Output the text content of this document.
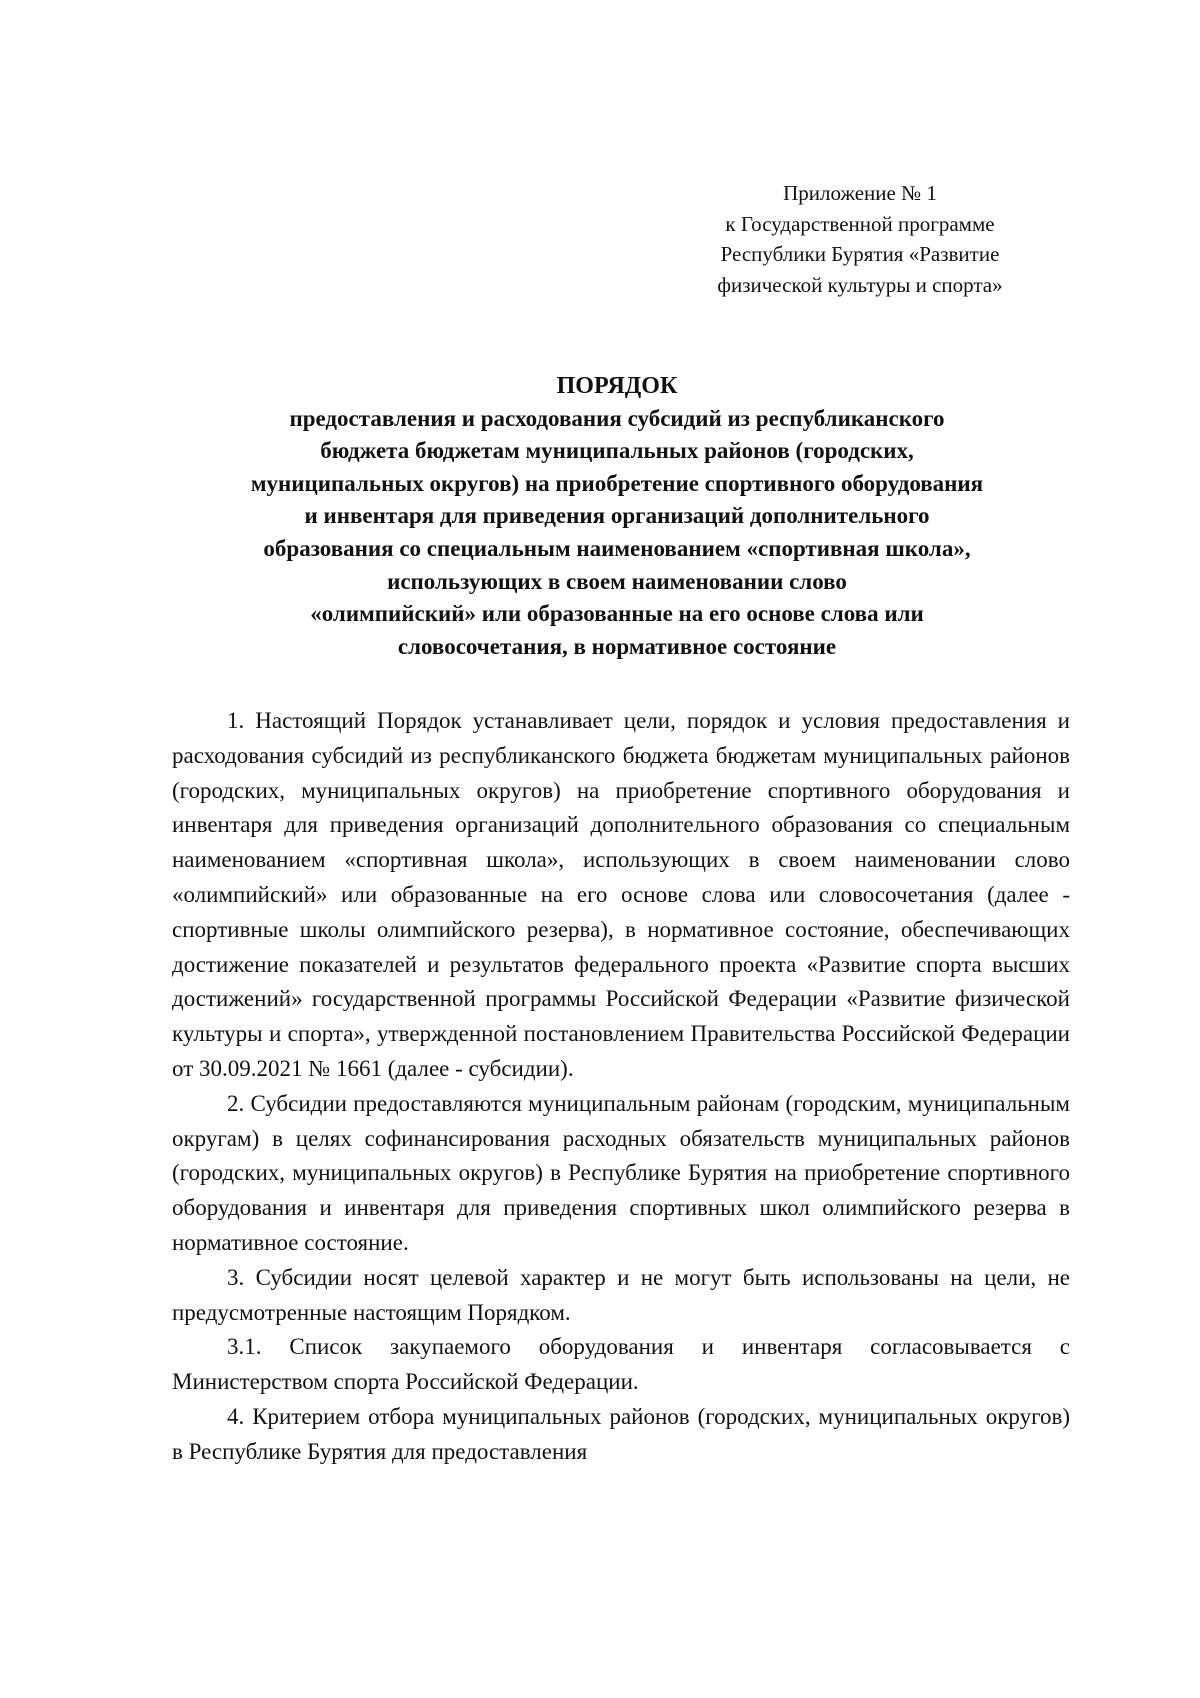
Приложение № 1
к Государственной программе
Республики Бурятия «Развитие
физической культуры и спорта»
ПОРЯДОК
предоставления и расходования субсидий из республиканского
бюджета бюджетам муниципальных районов (городских,
муниципальных округов) на приобретение спортивного оборудования
и инвентаря для приведения организаций дополнительного
образования со специальным наименованием «спортивная школа»,
использующих в своем наименовании слово
«олимпийский» или образованные на его основе слова или
словосочетания, в нормативное состояние

1. Настоящий Порядок устанавливает цели, порядок и условия предоставления и расходования субсидий из республиканского бюджета бюджетам муниципальных районов (городских, муниципальных округов) на приобретение спортивного оборудования и инвентаря для приведения организаций дополнительного образования со специальным наименованием «спортивная школа», использующих в своем наименовании слово «олимпийский» или образованные на его основе слова или словосочетания (далее - спортивные школы олимпийского резерва), в нормативное состояние, обеспечивающих достижение показателей и результатов федерального проекта «Развитие спорта высших достижений» государственной программы Российской Федерации «Развитие физической культуры и спорта», утвержденной постановлением Правительства Российской Федерации от 30.09.2021 № 1661 (далее - субсидии).

2. Субсидии предоставляются муниципальным районам (городским, муниципальным округам) в целях софинансирования расходных обязательств муниципальных районов (городских, муниципальных округов) в Республике Бурятия на приобретение спортивного оборудования и инвентаря для приведения спортивных школ олимпийского резерва в нормативное состояние.

3. Субсидии носят целевой характер и не могут быть использованы на цели, не предусмотренные настоящим Порядком.

3.1. Список закупаемого оборудования и инвентаря согласовывается с Министерством спорта Российской Федерации.

4. Критерием отбора муниципальных районов (городских, муниципальных округов) в Республике Бурятия для предоставления
